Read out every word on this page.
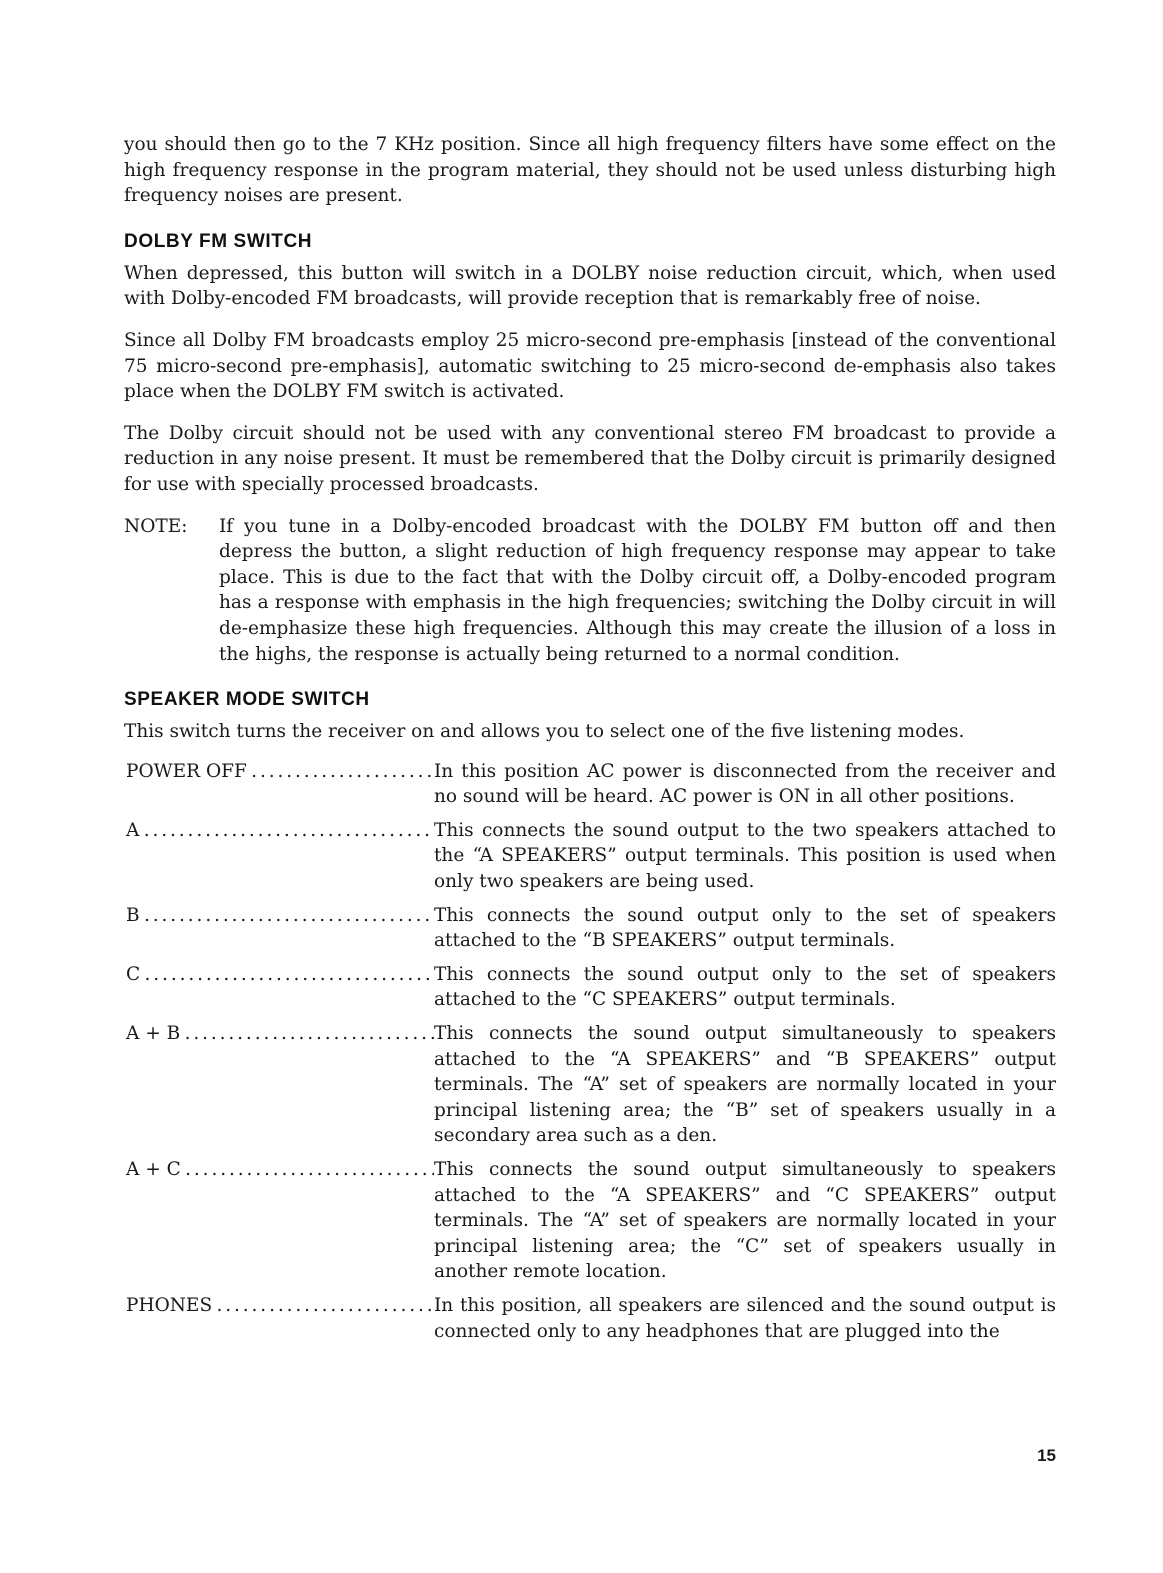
you should then go to the 7 KHz position. Since all high frequency filters have some effect on the high frequency response in the program material, they should not be used unless disturbing high frequency noises are present.

DOLBY FM SWITCH

When depressed, this button will switch in a DOLBY noise reduction circuit, which, when used with Dolby-encoded FM broadcasts, will provide reception that is remarkably free of noise.

Since all Dolby FM broadcasts employ 25 micro-second pre-emphasis [instead of the conventional 75 micro-second pre-emphasis], automatic switching to 25 micro-second de-emphasis also takes place when the DOLBY FM switch is activated.

The Dolby circuit should not be used with any conventional stereo FM broadcast to provide a reduction in any noise present. It must be remembered that the Dolby circuit is primarily designed for use with specially processed broadcasts.

NOTE:	If you tune in a Dolby-encoded broadcast with the DOLBY FM button off and then depress the button, a slight reduction of high frequency response may appear to take place. This is due to the fact that with the Dolby circuit off, a Dolby-encoded program has a response with emphasis in the high frequencies; switching the Dolby circuit in will de-emphasize these high frequencies. Although this may create the illusion of a loss in the highs, the response is actually being returned to a normal condition.

SPEAKER MODE SWITCH

This switch turns the receiver on and allows you to select one of the five listening modes.

POWER OFF . . .	In this position AC power is disconnected from the receiver and no sound will be heard. AC power is ON in all other positions.

A . . .	This connects the sound output to the two speakers attached to the “A SPEAKERS” output terminals. This position is used when only two speakers are being used.

B . . .	This connects the sound output only to the set of speakers attached to the “B SPEAKERS” output terminals.

C . . .	This connects the sound output only to the set of speakers attached to the “C SPEAKERS” output terminals.

A + B . . .	This connects the sound output simultaneously to speakers attached to the “A SPEAKERS” and “B SPEAKERS” output terminals. The “A” set of speakers are normally located in your principal listening area; the “B” set of speakers usually in a secondary area such as a den.

A + C . . .	This connects the sound output simultaneously to speakers attached to the “A SPEAKERS” and “C SPEAKERS” output terminals. The “A” set of speakers are normally located in your principal listening area; the “C” set of speakers usually in another remote location.

PHONES . . .	In this position, all speakers are silenced and the sound output is connected only to any headphones that are plugged into the

15
